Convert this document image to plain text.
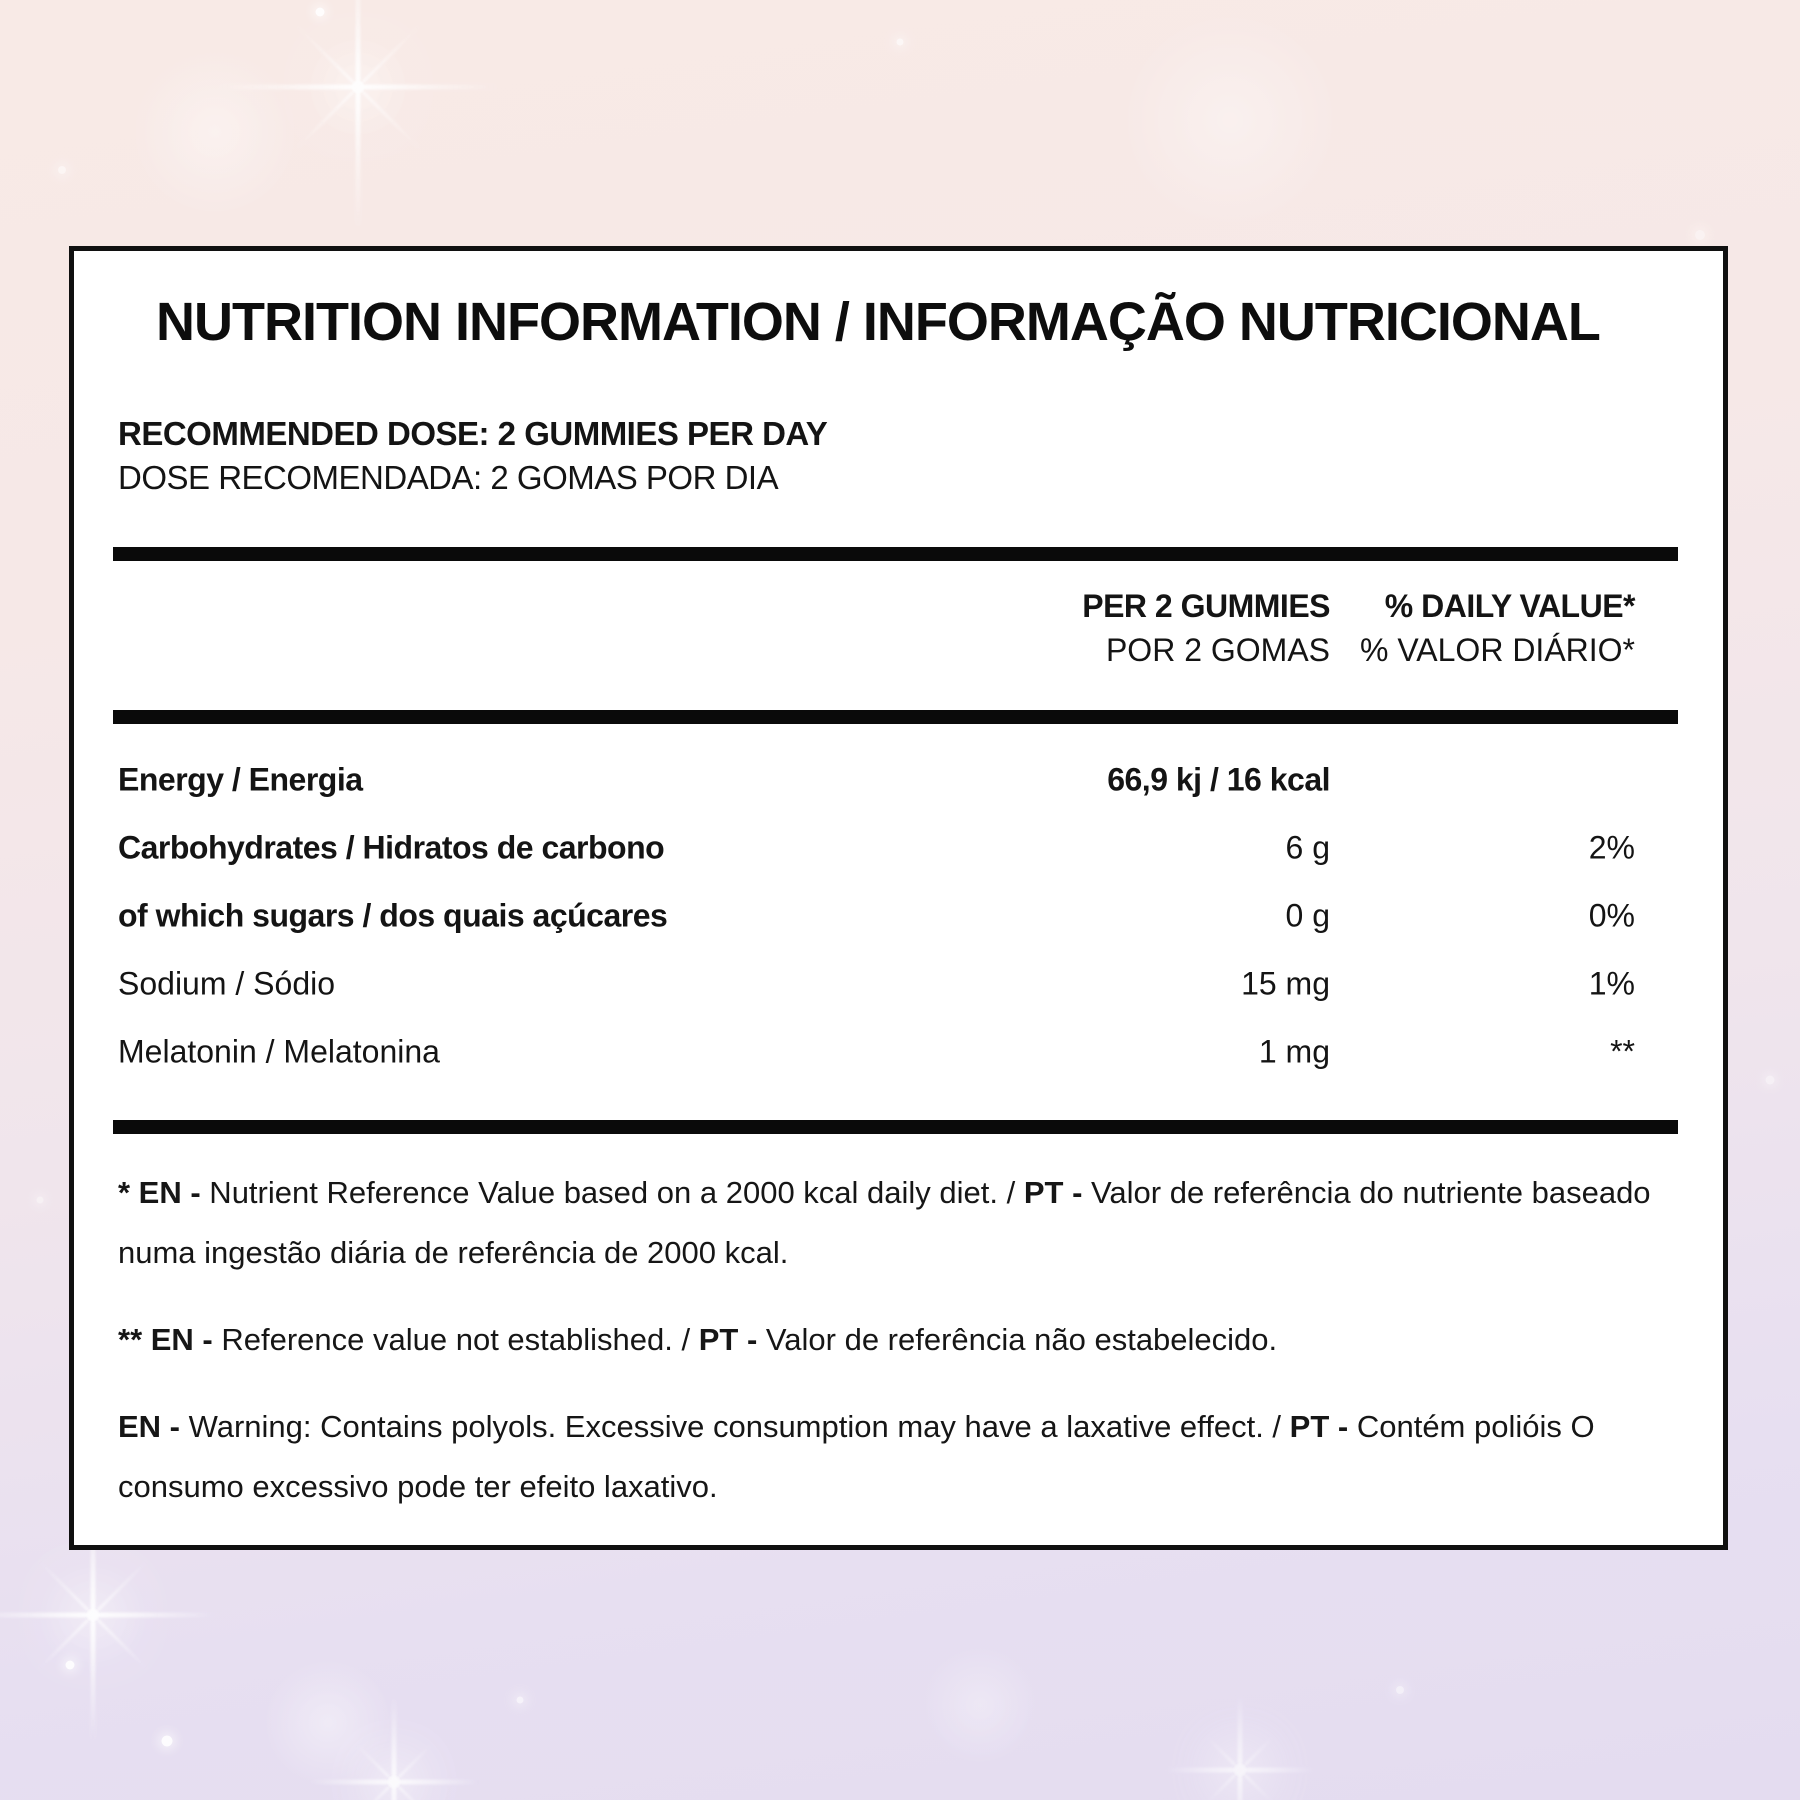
NUTRITION INFORMATION / INFORMAÇÃO NUTRICIONAL
RECOMMENDED DOSE: 2 GUMMIES PER DAY
DOSE RECOMENDADA: 2 GOMAS POR DIA
PER 2 GUMMIES % DAILY VALUE*
POR 2 GOMAS % VALOR DIÁRIO*
Energy / Energia	66,9 kj / 16 kcal
Carbohydrates / Hidratos de carbono	6 g	2%
of which sugars / dos quais açúcares	0 g	0%
Sodium / Sódio	15 mg	1%
Melatonin / Melatonina	1 mg	**

* EN - Nutrient Reference Value based on a 2000 kcal daily diet. / PT - Valor de referência do nutriente baseado numa ingestão diária de referência de 2000 kcal.

** EN - Reference value not established. / PT - Valor de referência não estabelecido.

EN - Warning: Contains polyols. Excessive consumption may have a laxative effect. / PT - Contém polióis O consumo excessivo pode ter efeito laxativo.
